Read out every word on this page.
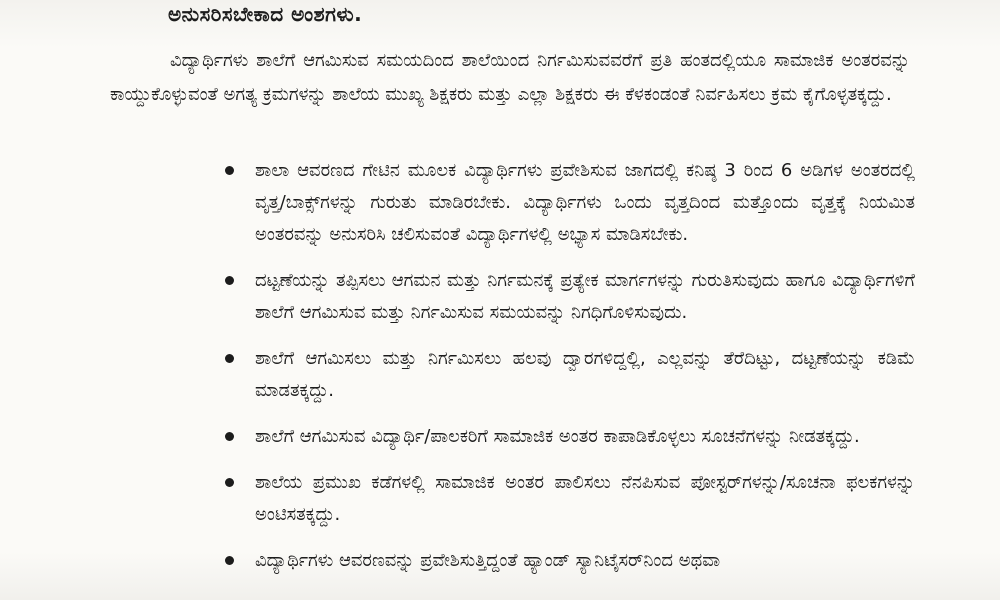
ಅನುಸರಿಸಬೇಕಾದ ಅಂಶಗಳು.
ವಿದ್ಯಾರ್ಥಿಗಳು ಶಾಲೆಗೆ ಆಗಮಿಸುವ ಸಮಯದಿಂದ ಶಾಲೆಯಿಂದ ನಿರ್ಗಮಿಸುವವರೆಗೆ ಪ್ರತಿ ಹಂತದಲ್ಲಿಯೂ ಸಾಮಾಜಿಕ ಅಂತರವನ್ನು ಕಾಯ್ದುಕೊಳ್ಳುವಂತೆ ಅಗತ್ಯ ಕ್ರಮಗಳನ್ನು ಶಾಲೆಯ ಮುಖ್ಯ ಶಿಕ್ಷಕರು ಮತ್ತು ಎಲ್ಲಾ ಶಿಕ್ಷಕರು ಈ ಕೆಳಕಂಡಂತೆ ನಿರ್ವಹಿಸಲು ಕ್ರಮ ಕೈಗೊಳ್ಳತಕ್ಕದ್ದು.
ಶಾಲಾ ಆವರಣದ ಗೇಟಿನ ಮೂಲಕ ವಿದ್ಯಾರ್ಥಿಗಳು ಪ್ರವೇಶಿಸುವ ಜಾಗದಲ್ಲಿ ಕನಿಷ್ಠ 3 ರಿಂದ 6 ಅಡಿಗಳ ಅಂತರದಲ್ಲಿ ವೃತ್ತ/ಬಾಕ್ಸ್‌ಗಳನ್ನು ಗುರುತು ಮಾಡಿರಬೇಕು. ವಿದ್ಯಾರ್ಥಿಗಳು ಒಂದು ವೃತ್ತದಿಂದ ಮತ್ತೊಂದು ವೃತ್ತಕ್ಕೆ ನಿಯಮಿತ ಅಂತರವನ್ನು ಅನುಸರಿಸಿ ಚಲಿಸುವಂತೆ ವಿದ್ಯಾರ್ಥಿಗಳಲ್ಲಿ ಅಭ್ಯಾಸ ಮಾಡಿಸಬೇಕು.
ದಟ್ಟಣೆಯನ್ನು ತಪ್ಪಿಸಲು ಆಗಮನ ಮತ್ತು ನಿರ್ಗಮನಕ್ಕೆ ಪ್ರತ್ಯೇಕ ಮಾರ್ಗಗಳನ್ನು ಗುರುತಿಸುವುದು ಹಾಗೂ ವಿದ್ಯಾರ್ಥಿಗಳಿಗೆ ಶಾಲೆಗೆ ಆಗಮಿಸುವ ಮತ್ತು ನಿರ್ಗಮಿಸುವ ಸಮಯವನ್ನು ನಿಗಧಿಗೊಳಿಸುವುದು.
ಶಾಲೆಗೆ ಆಗಮಿಸಲು ಮತ್ತು ನಿರ್ಗಮಿಸಲು ಹಲವು ದ್ವಾರಗಳಿದ್ದಲ್ಲಿ, ಎಲ್ಲವನ್ನು ತೆರೆದಿಟ್ಟು, ದಟ್ಟಣೆಯನ್ನು ಕಡಿಮೆ ಮಾಡತಕ್ಕದ್ದು.
ಶಾಲೆಗೆ ಆಗಮಿಸುವ ವಿದ್ಯಾರ್ಥಿ/ಪಾಲಕರಿಗೆ ಸಾಮಾಜಿಕ ಅಂತರ ಕಾಪಾಡಿಕೊಳ್ಳಲು ಸೂಚನೆಗಳನ್ನು ನೀಡತಕ್ಕದ್ದು.
ಶಾಲೆಯ ಪ್ರಮುಖ ಕಡೆಗಳಲ್ಲಿ ಸಾಮಾಜಿಕ ಅಂತರ ಪಾಲಿಸಲು ನೆನಪಿಸುವ ಪೋಸ್ಟರ್‌ಗಳನ್ನು/ಸೂಚನಾ ಫಲಕಗಳನ್ನು ಅಂಟಿಸತಕ್ಕದ್ದು.
ವಿದ್ಯಾರ್ಥಿಗಳು ಆವರಣವನ್ನು ಪ್ರವೇಶಿಸುತ್ತಿದ್ದಂತೆ ಹ್ಯಾಂಡ್ ಸ್ಯಾನಿಟೈಸರ್‌ನಿಂದ ಅಥವಾ
